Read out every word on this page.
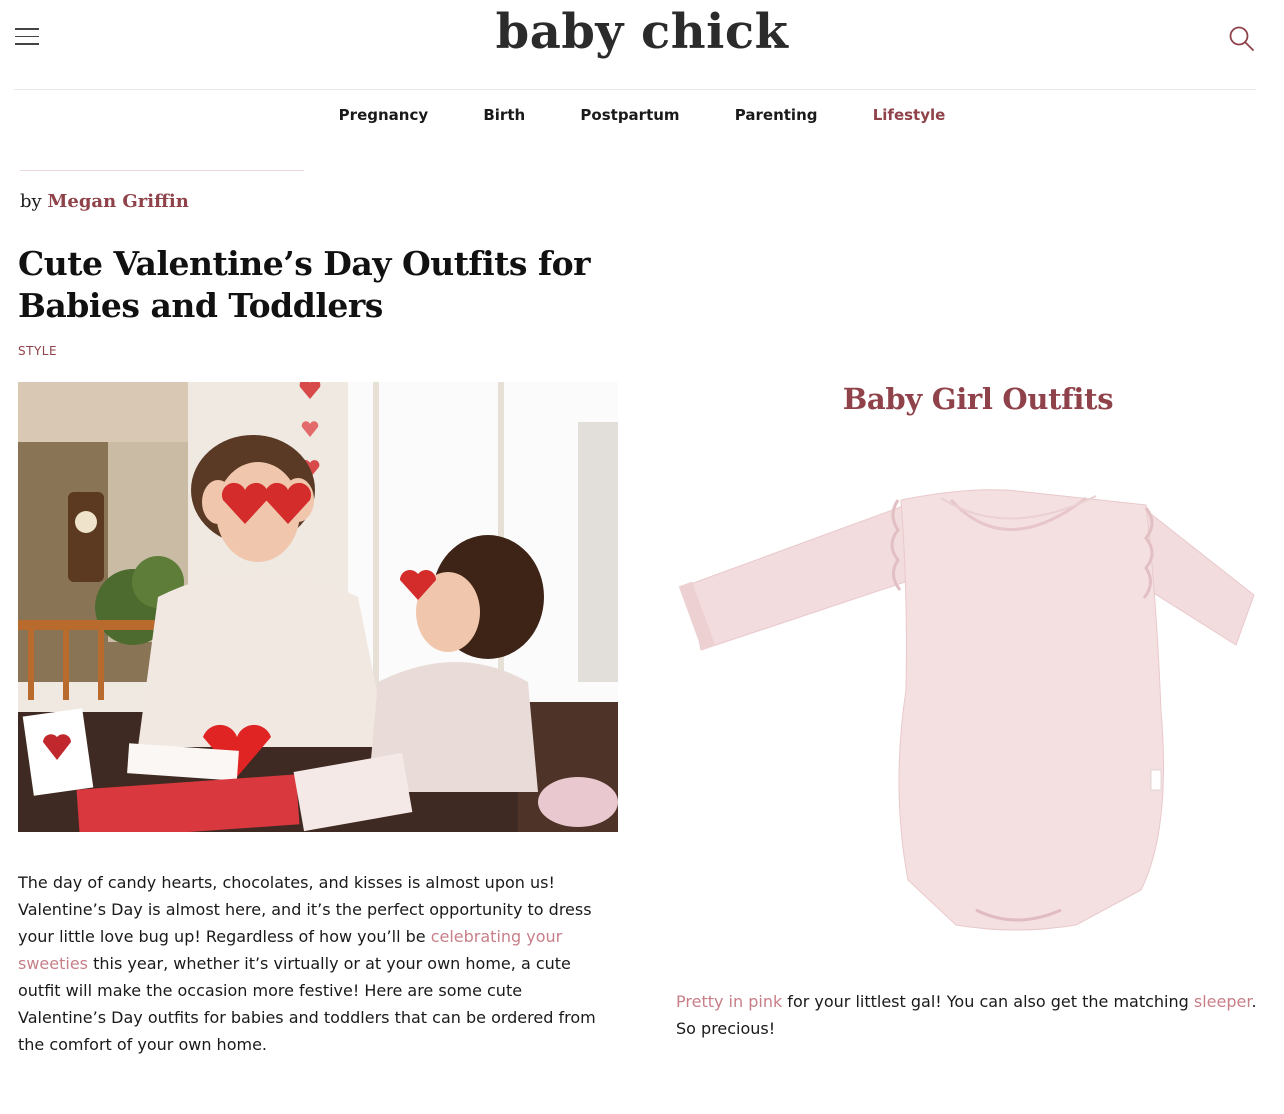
baby chick
Pregnancy	Birth	Postpartum	Parenting	Lifestyle
by Megan Griffin
Cute Valentine’s Day Outfits for Babies and Toddlers
STYLE

The day of candy hearts, chocolates, and kisses is almost upon us! Valentine’s Day is almost here, and it’s the perfect opportunity to dress your little love bug up! Regardless of how you’ll be celebrating your sweeties this year, whether it’s virtually or at your own home, a cute outfit will make the occasion more festive! Here are some cute Valentine’s Day outfits for babies and toddlers that can be ordered from the comfort of your own home.

Baby Girl Outfits

Pretty in pink for your littlest gal! You can also get the matching sleeper. So precious!
